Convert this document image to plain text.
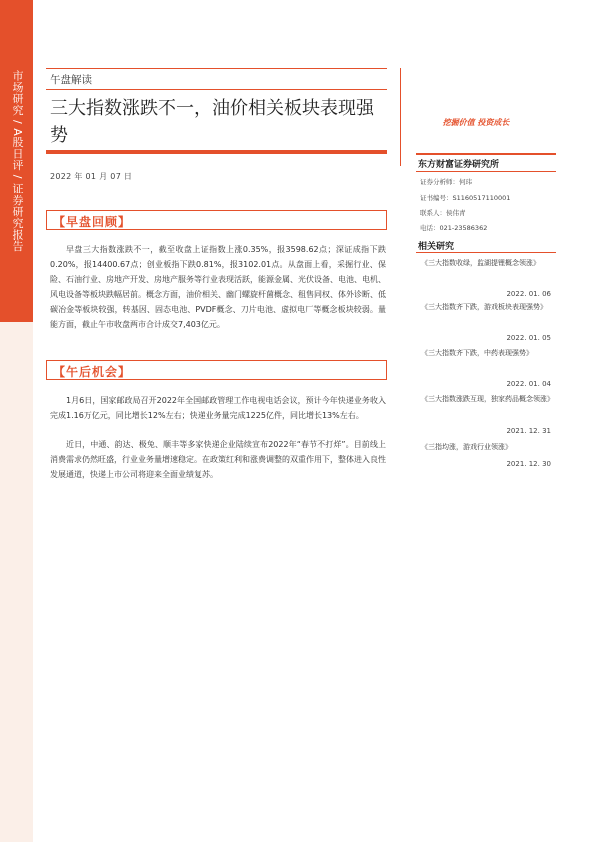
市场研究 / A股日评 / 证券研究报告 午盘解读
三大指数涨跌不一，油价相关板块表现强势
2022 年 01 月 07 日
挖掘价值 投资成长
东方财富证券研究所
证券分析师：何玮
证书编号：S1160517110001
联系人：侯伟青
电话：021-23586362
相关研究
《三大指数收绿，监湖提锂概念领涨》
2022. 01. 06
《三大指数齐下跌，游戏板块表现强势》
2022. 01. 05
《三大指数齐下跌，中药表现强势》
2022. 01. 04
《三大指数涨跌互现，独家药品概念领涨》
2021. 12. 31
《三指均涨，游戏行业领涨》
2021. 12. 30
【早盘回顾】
早盘三大指数涨跌不一，截至收盘上证指数上涨0.35%，报3598.62点；深证成指下跌0.20%，报14400.67点；创业板指下跌0.81%，报3102.01点。从盘面上看，采掘行业、保险、石油行业、房地产开发、房地产服务等行业表现活跃，能源金属、光伏设备、电池、电机、风电设备等板块跌幅居前。概念方面，油价相关、幽门螺旋杆菌概念、租售同权、体外诊断、低碳冶金等板块较强，转基因、固态电池、PVDF概念、刀片电池、虚拟电厂等概念板块较弱。量能方面，截止午市收盘两市合计成交7,403亿元。
【午后机会】
1月6日，国家邮政局召开2022年全国邮政管理工作电视电话会议，预计今年快递业务收入完成1.16万亿元，同比增长12%左右；快递业务量完成1225亿件，同比增长13%左右。
近日，中通、韵达、极兔、顺丰等多家快递企业陆续宣布2022年“春节不打烊”。目前线上消费需求仍然旺盛，行业业务量增速稳定。在政策红利和涨费调整的双重作用下，整体进入良性发展通道，快递上市公司将迎来全面业绩复苏。
